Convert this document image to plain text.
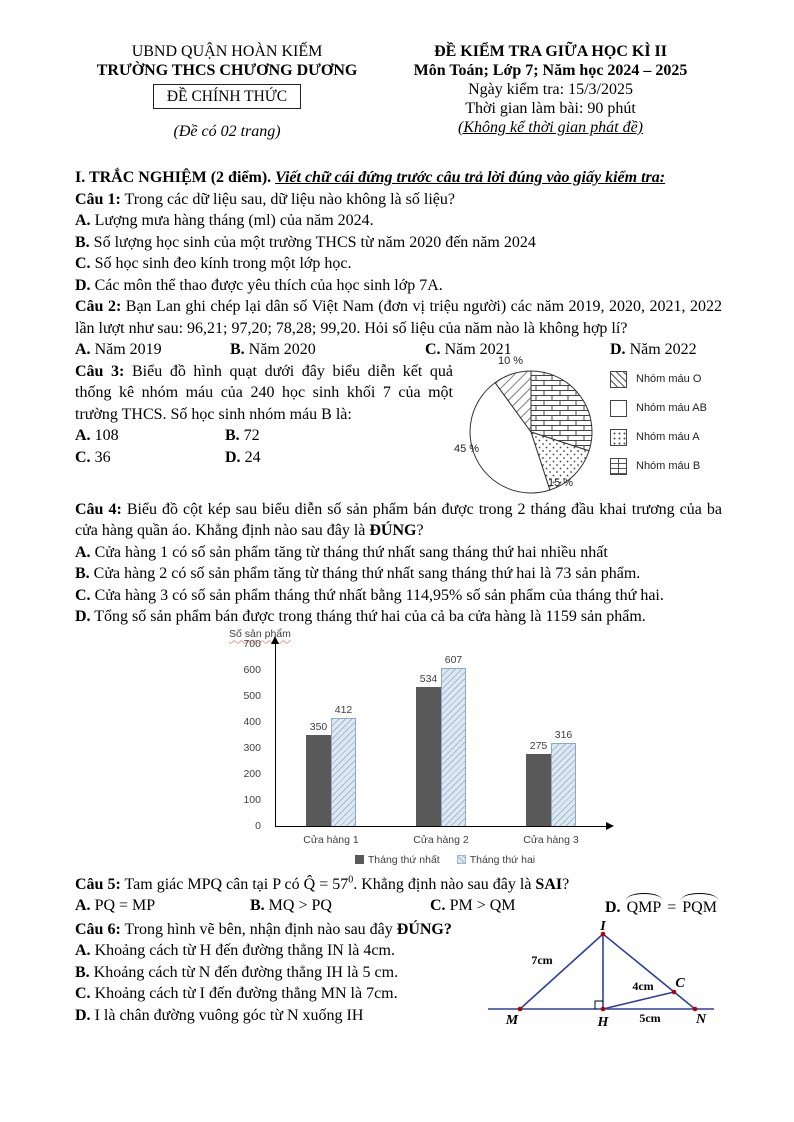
UBND QUẬN HOÀN KIẾM
TRƯỜNG THCS CHƯƠNG DƯƠNG
ĐỀ CHÍNH THỨC
(Đề có 02 trang)
ĐỀ KIỂM TRA GIỮA HỌC KÌ II
Môn Toán; Lớp 7; Năm học 2024 – 2025
Ngày kiểm tra: 15/3/2025
Thời gian làm bài: 90 phút
(Không kể thời gian phát đề)

I. TRẮC NGHIỆM (2 điểm). Viết chữ cái đứng trước câu trả lời đúng vào giấy kiểm tra:

Câu 1: Trong các dữ liệu sau, dữ liệu nào không là số liệu?

A. Lượng mưa hàng tháng (ml) của năm 2024.

B. Số lượng học sinh của một trường THCS từ năm 2020 đến năm 2024

C. Số học sinh đeo kính trong một lớp học.

D. Các môn thể thao được yêu thích của học sinh lớp 7A.

Câu 2: Bạn Lan ghi chép lại dân số Việt Nam (đơn vị triệu người) các năm 2019, 2020, 2021, 2022 lần lượt như sau: 96,21; 97,20; 78,28; 99,20. Hỏi số liệu của năm nào là không hợp lí?

A. Năm 2019	B. Năm 2020	C. Năm 2021	D. Năm 2022

Câu 3: Biểu đồ hình quạt dưới đây biểu diễn kết quả thống kê nhóm máu của 240 học sinh khối 7 của một trường THCS. Số học sinh nhóm máu B là:

A. 108	B. 72
C. 36	D. 24
10 %
45 %
15 %
Nhóm máu O
Nhóm máu AB
Nhóm máu A
Nhóm máu B

Câu 4: Biểu đồ cột kép sau biểu diễn số sản phẩm bán được trong 2 tháng đầu khai trương của ba cửa hàng quần áo. Khẳng định nào sau đây là ĐÚNG?

A. Cửa hàng 1 có số sản phẩm tăng từ tháng thứ nhất sang tháng thứ hai nhiều nhất

B. Cửa hàng 2 có số sản phẩm tăng từ tháng thứ nhất sang tháng thứ hai là 73 sản phẩm.

C. Cửa hàng 3 có số sản phẩm tháng thứ nhất bằng 114,95% số sản phẩm của tháng thứ hai.

D. Tổng số sản phẩm bán được trong tháng thứ hai của cả ba cửa hàng là 1159 sản phẩm.

Số sản phẩm
0
100
200
300
400
500
600
700
350
412
Cửa hàng 1
534
607
Cửa hàng 2
275
316
Cửa hàng 3
Tháng thứ nhất	Tháng thứ hai

Câu 5: Tam giác MPQ cân tại P có Q̂ = $57^0$. Khẳng định nào sau đây là SAI?

A. PQ = MP	B. MQ > PQ	C. PM > QM	D. QMP = PQM

Câu 6: Trong hình vẽ bên, nhận định nào sau đây ĐÚNG?

A. Khoảng cách từ H đến đường thẳng IN là 4cm.

B. Khoảng cách từ N đến đường thẳng IH là 5 cm.

C. Khoảng cách từ I đến đường thẳng MN là 7cm.

D. I là chân đường vuông góc từ N xuống IH

I
M	H	N
C
7cm
4cm
5cm
